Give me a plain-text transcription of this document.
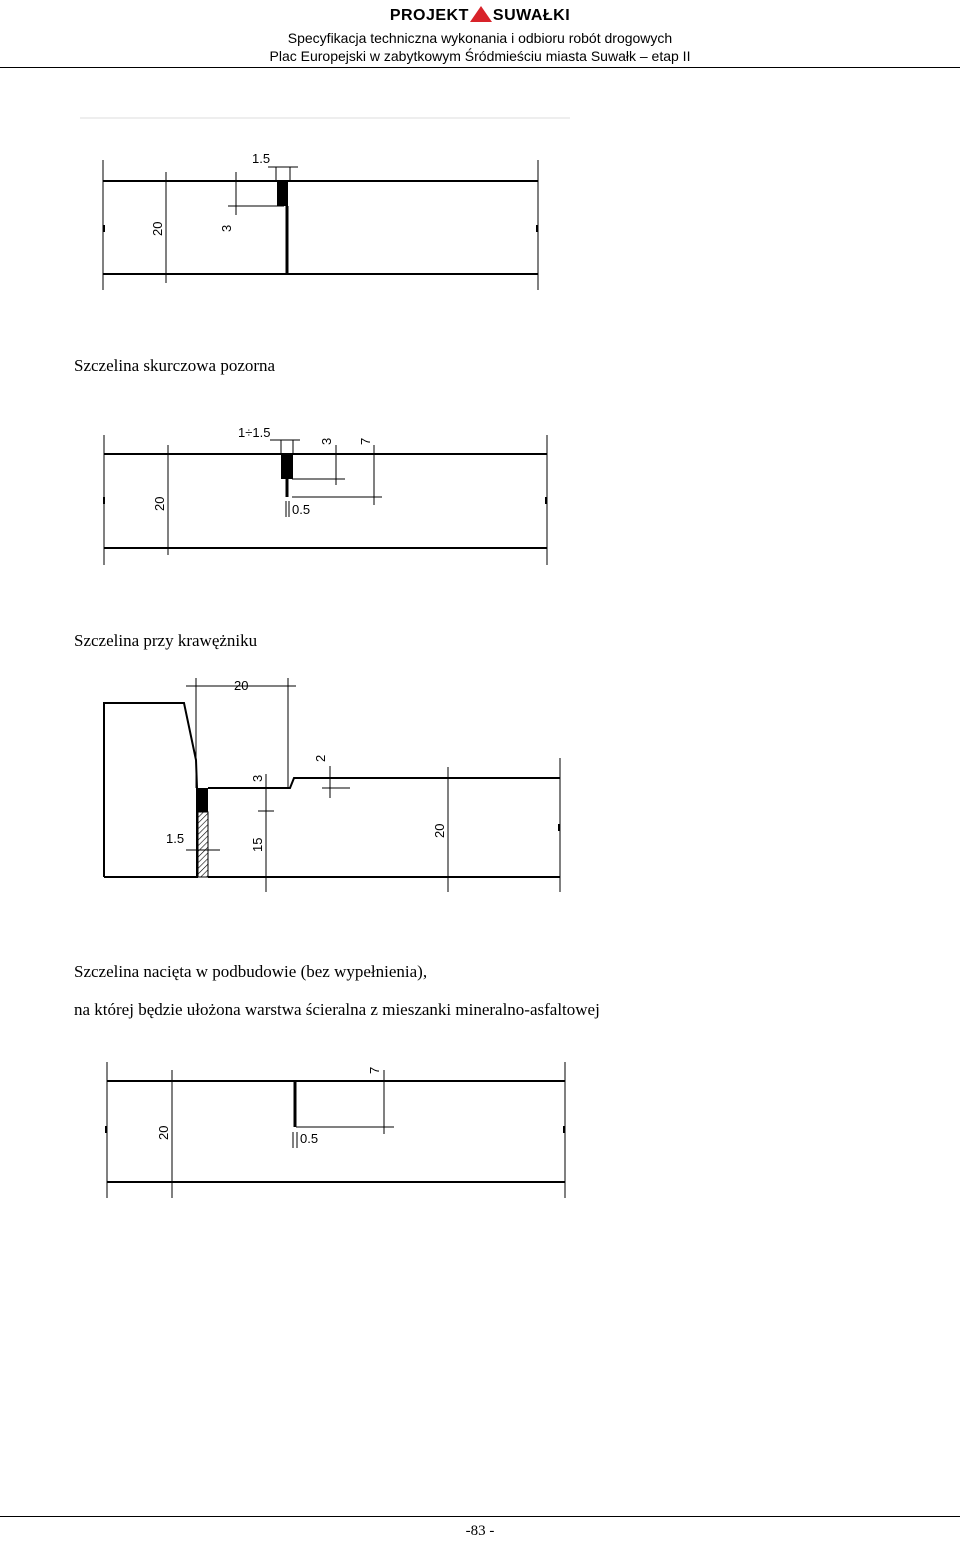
PROJEKT SUWAŁKI
Specyfikacja techniczna wykonania i odbioru robót drogowych
Plac Europejski w zabytkowym Śródmieściu miasta Suwałk – etap II
1.5
20	3
Szczelina skurczowa pozorna
1÷1.5
3 7
20	0.5
Szczelina przy krawężniku
20
2
3
1.5	15
20
Szczelina nacięta w podbudowie (bez wypełnienia),
na której będzie ułożona warstwa ścieralna z mieszanki mineralno-asfaltowej
7
20	0.5
-83 -
